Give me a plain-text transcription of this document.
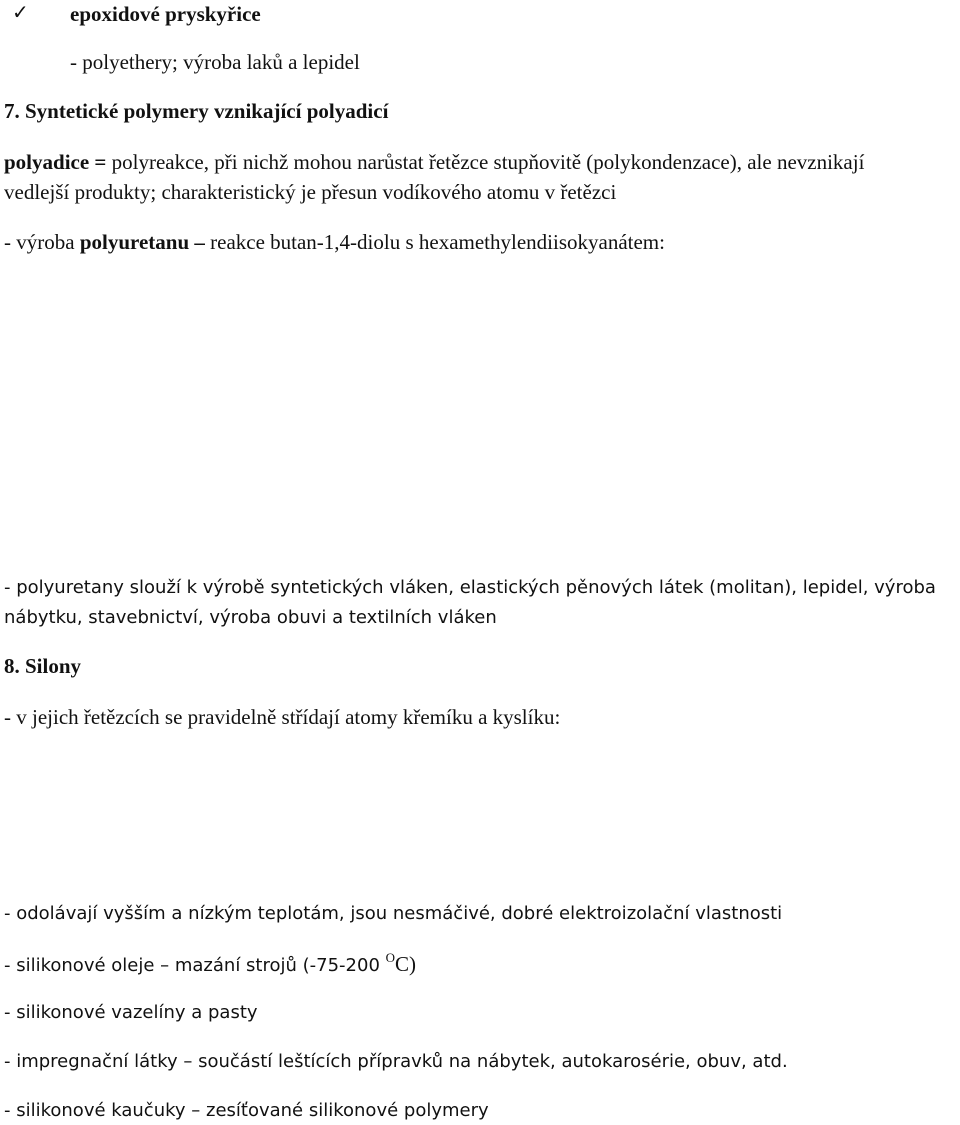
✓ epoxidové pryskyřice
- polyethery; výroba laků a lepidel
7. Syntetické polymery vznikající polyadicí
polyadice = polyreakce, při nichž mohou narůstat řetězce stupňovitě (polykondenzace), ale nevznikají
vedlejší produkty; charakteristický je přesun vodíkového atomu v řetězci
- výroba polyuretanu – reakce butan-1,4-diolu s hexamethylendiisokyanátem:
- polyuretany slouží k výrobě syntetických vláken, elastických pěnových látek (molitan), lepidel, výroba
nábytku, stavebnictví, výroba obuvi a textilních vláken
8. Silony
- v jejich řetězcích se pravidelně střídají atomy křemíku a kyslíku:
- odolávají vyšším a nízkým teplotám, jsou nesmáčivé, dobré elektroizolační vlastnosti
- silikonové oleje – mazání strojů (-75-200 $^O$C)
- silikonové vazelíny a pasty
- impregnační látky – součástí leštících přípravků na nábytek, autokarosérie, obuv, atd.
- silikonové kaučuky – zesíťované silikonové polymery
